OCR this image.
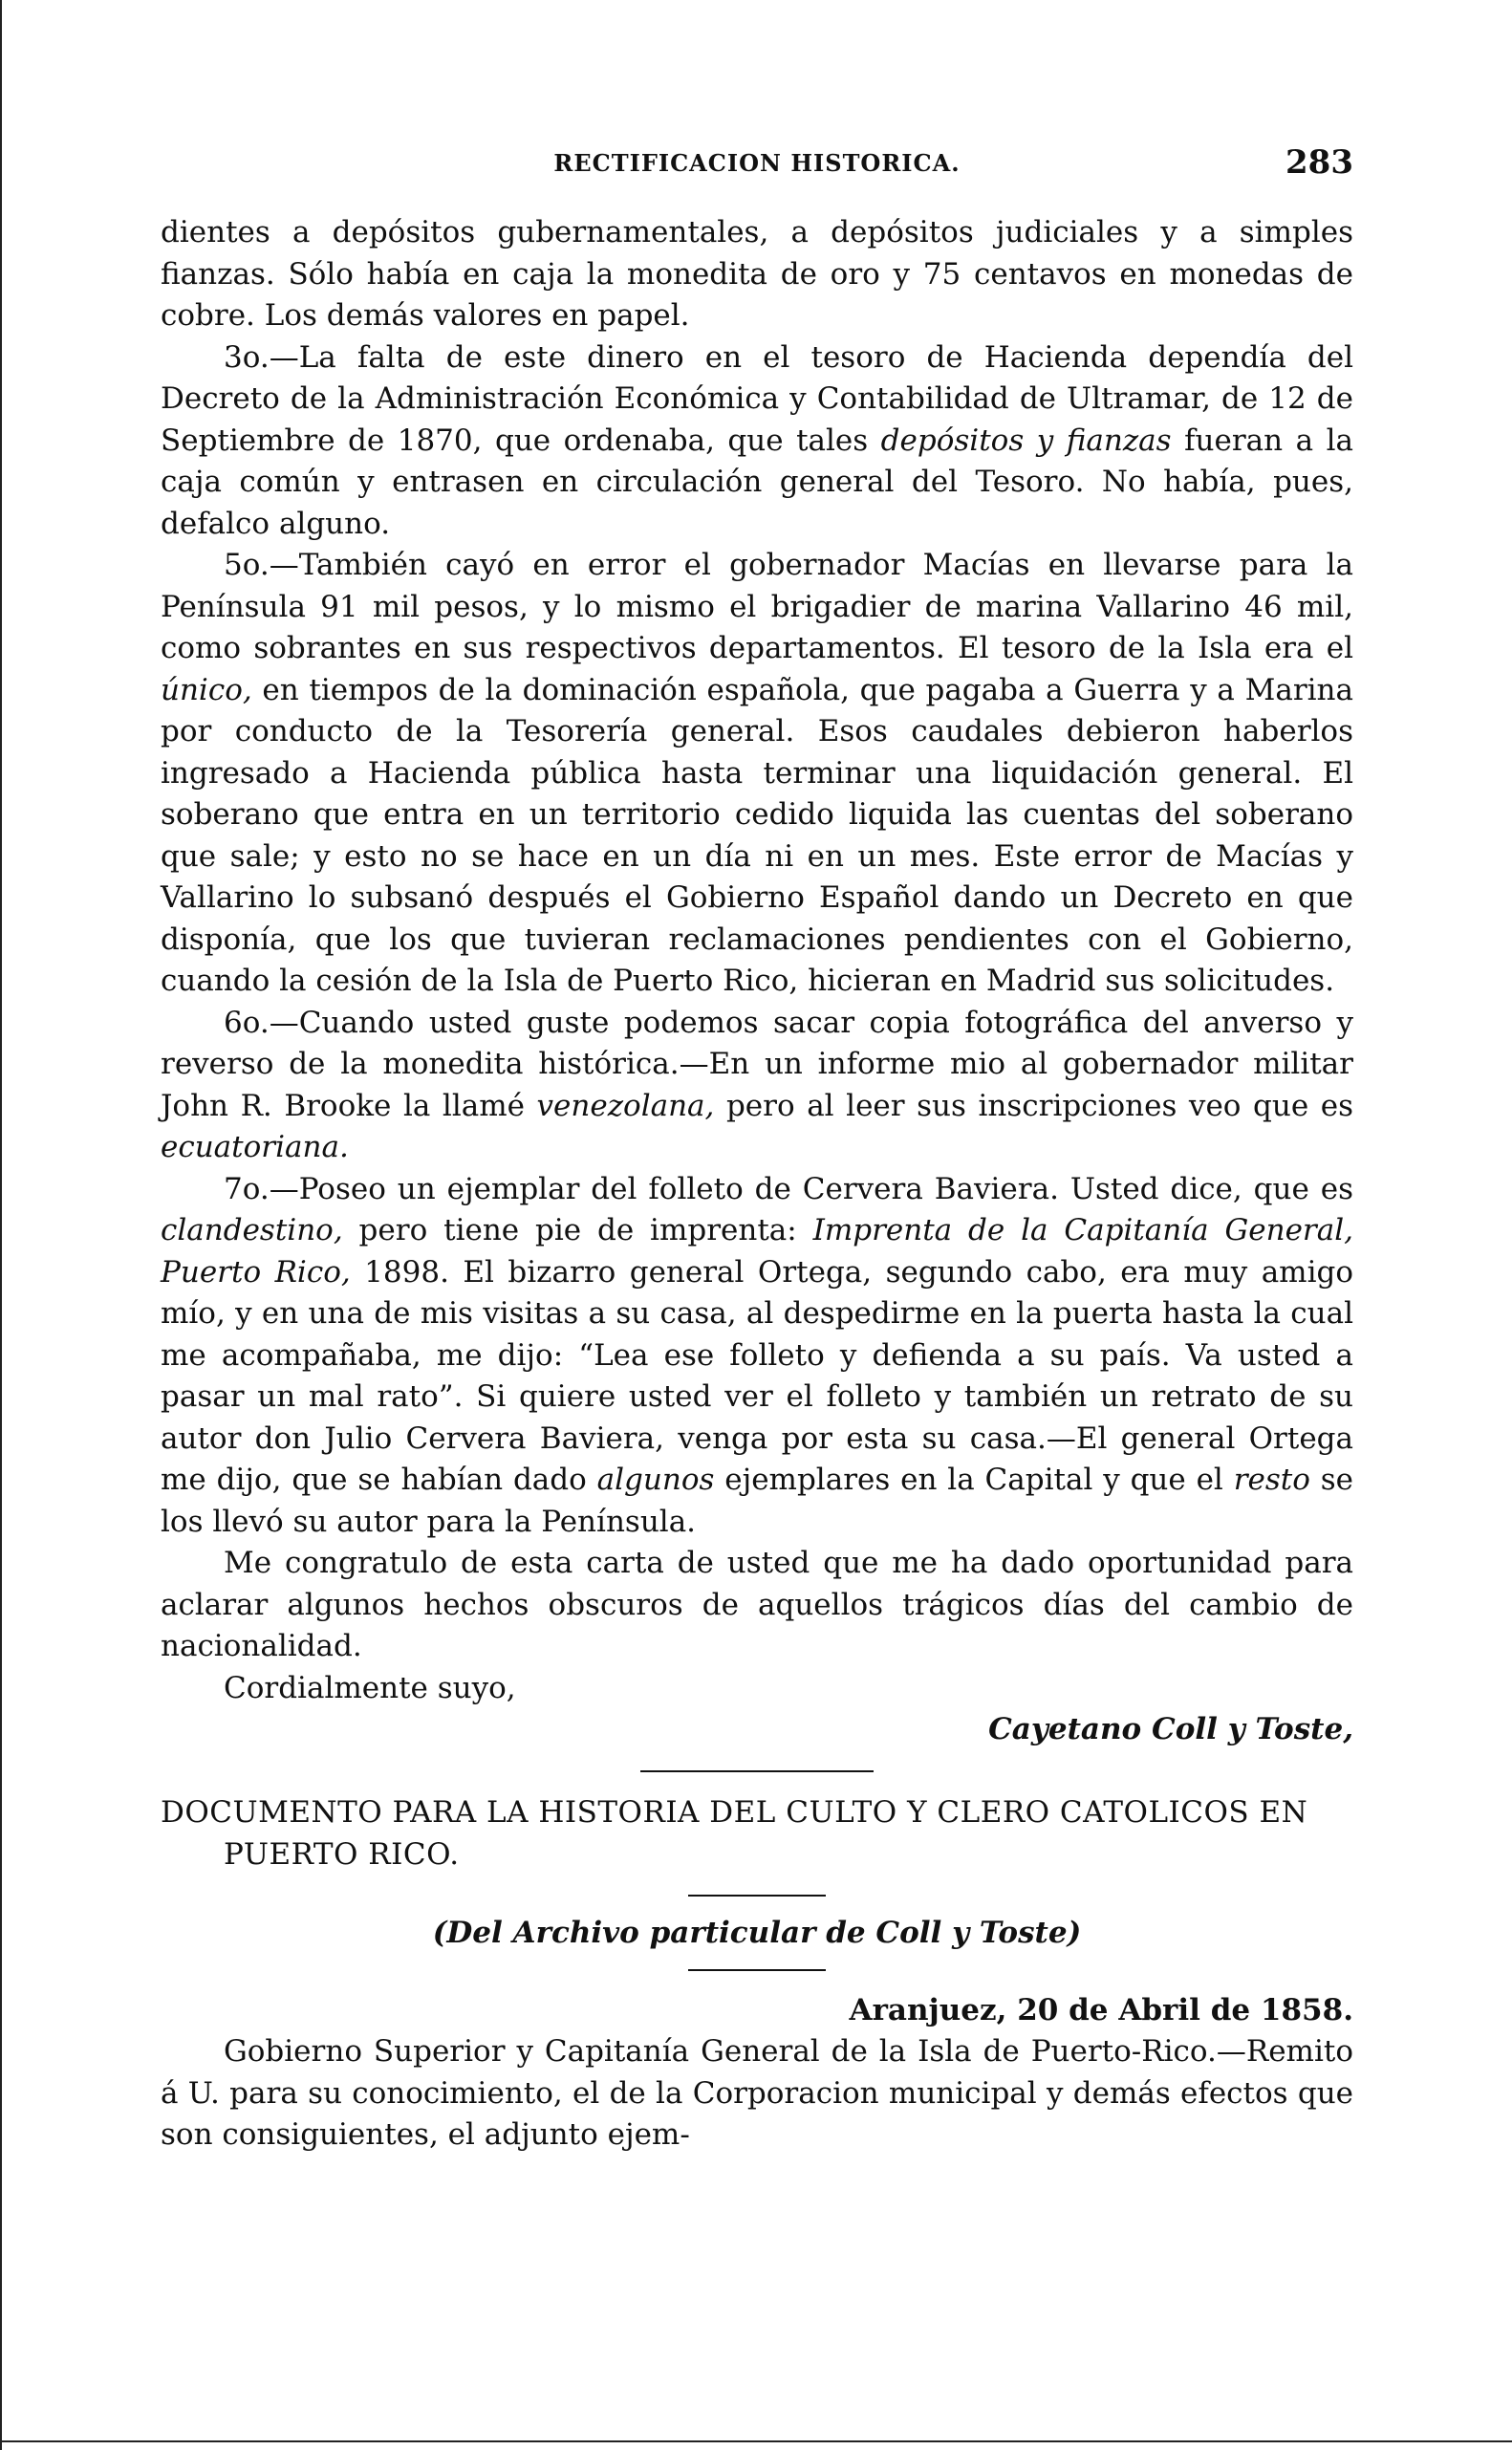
RECTIFICACION HISTORICA.	283

dientes a depósitos gubernamentales, a depósitos judiciales y a simples fianzas. Sólo había en caja la monedita de oro y 75 centavos en monedas de cobre. Los demás valores en papel.

3o.—La falta de este dinero en el tesoro de Hacienda dependía del Decreto de la Administración Económica y Contabilidad de Ultramar, de 12 de Septiembre de 1870, que ordenaba, que tales depósitos y fianzas fueran a la caja común y entrasen en circulación general del Tesoro. No había, pues, defalco alguno.

5o.—También cayó en error el gobernador Macías en llevarse para la Península 91 mil pesos, y lo mismo el brigadier de marina Vallarino 46 mil, como sobrantes en sus respectivos departamentos. El tesoro de la Isla era el único, en tiempos de la dominación española, que pagaba a Guerra y a Marina por conducto de la Tesorería general. Esos caudales debieron haberlos ingresado a Hacienda pública hasta terminar una liquidación general. El soberano que entra en un territorio cedido liquida las cuentas del soberano que sale; y esto no se hace en un día ni en un mes. Este error de Macías y Vallarino lo subsanó después el Gobierno Español dando un Decreto en que disponía, que los que tuvieran reclamaciones pendientes con el Gobierno, cuando la cesión de la Isla de Puerto Rico, hicieran en Madrid sus solicitudes.

6o.—Cuando usted guste podemos sacar copia fotográfica del anverso y reverso de la monedita histórica.—En un informe mio al gobernador militar John R. Brooke la llamé venezolana, pero al leer sus inscripciones veo que es ecuatoriana.

7o.—Poseo un ejemplar del folleto de Cervera Baviera. Usted dice, que es clandestino, pero tiene pie de imprenta: Imprenta de la Capitanía General, Puerto Rico, 1898. El bizarro general Ortega, segundo cabo, era muy amigo mío, y en una de mis visitas a su casa, al despedirme en la puerta hasta la cual me acompañaba, me dijo: “Lea ese folleto y defienda a su país. Va usted a pasar un mal rato”. Si quiere usted ver el folleto y también un retrato de su autor don Julio Cervera Baviera, venga por esta su casa.—El general Ortega me dijo, que se habían dado algunos ejemplares en la Capital y que el resto se los llevó su autor para la Península.

Me congratulo de esta carta de usted que me ha dado oportunidad para aclarar algunos hechos obscuros de aquellos trágicos días del cambio de nacionalidad.

Cordialmente suyo,

Cayetano Coll y Toste,

DOCUMENTO PARA LA HISTORIA DEL CULTO Y CLERO CATOLICOS EN PUERTO RICO.
(Del Archivo particular de Coll y Toste)
Aranjuez, 20 de Abril de 1858.

Gobierno Superior y Capitanía General de la Isla de Puerto-Rico.—Remito á U. para su conocimiento, el de la Corporacion municipal y demás efectos que son consiguientes, el adjunto ejem-
